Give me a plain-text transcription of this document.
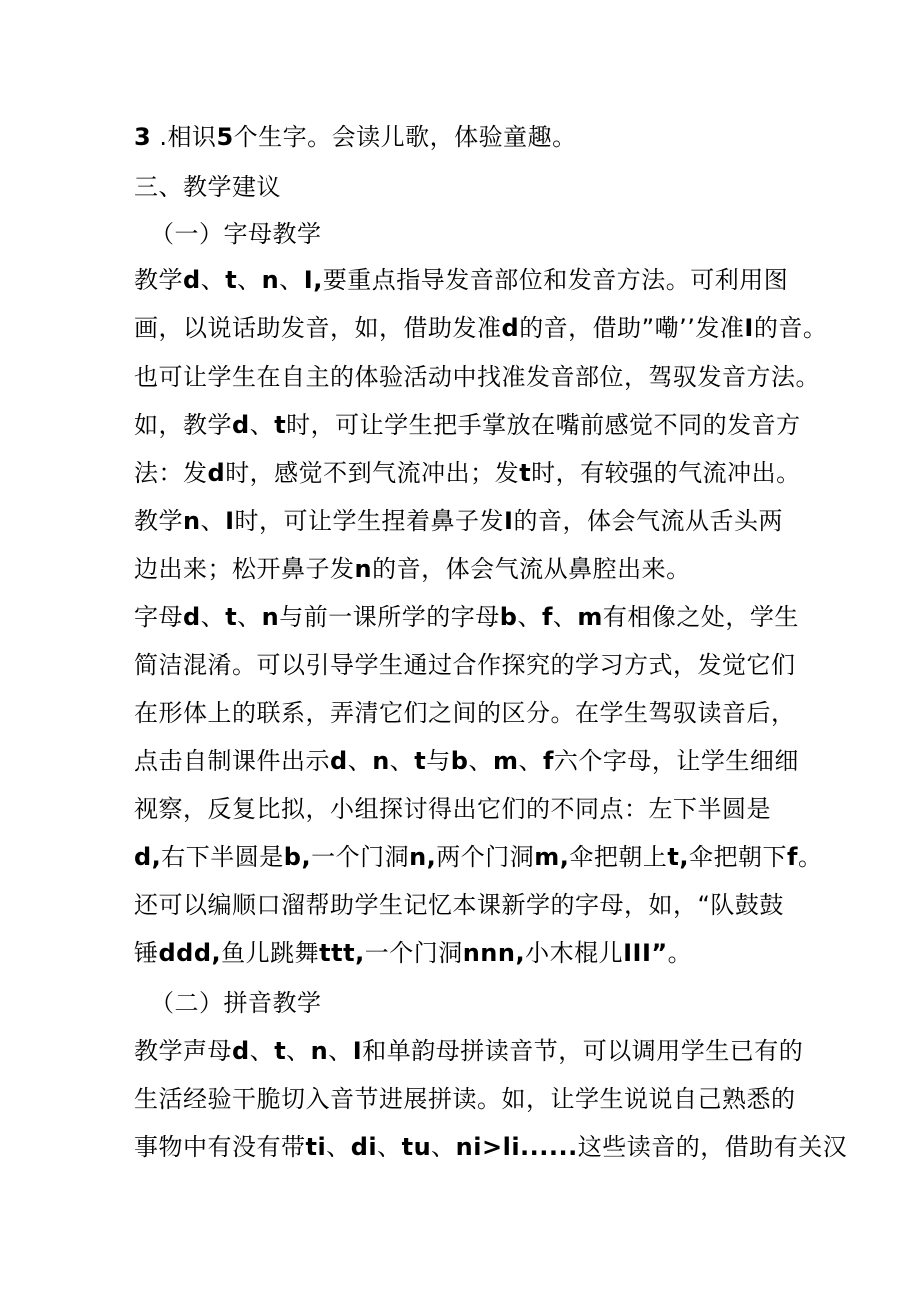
3 .相识5个生字。会读儿歌，体验童趣。
三、教学建议
（一）字母教学
教学d、t、n、I,要重点指导发音部位和发音方法。可利用图
画，以说话助发音，如，借助发准d的音，借助”嘞’’发准I的音。
也可让学生在自主的体验活动中找准发音部位，驾驭发音方法。
如，教学d、t时，可让学生把手掌放在嘴前感觉不同的发音方
法：发d时，感觉不到气流冲出；发t时，有较强的气流冲出。
教学n、I时，可让学生捏着鼻子发I的音，体会气流从舌头两
边出来；松开鼻子发n的音，体会气流从鼻腔出来。
字母d、t、n与前一课所学的字母b、f、m有相像之处，学生
简洁混淆。可以引导学生通过合作探究的学习方式，发觉它们
在形体上的联系，弄清它们之间的区分。在学生驾驭读音后，
点击自制课件出示d、n、t与b、m、f六个字母，让学生细细
视察，反复比拟，小组探讨得出它们的不同点：左下半圆是
d,右下半圆是b,一个门洞n,两个门洞m,伞把朝上t,伞把朝下f。
还可以编顺口溜帮助学生记忆本课新学的字母，如，“队鼓鼓
锤ddd,鱼儿跳舞ttt,一个门洞nnn,小木棍儿III”。
（二）拼音教学
教学声母d、t、n、I和单韵母拼读音节，可以调用学生已有的
生活经验干脆切入音节进展拼读。如，让学生说说自己熟悉的
事物中有没有带ti、di、tu、ni>li......这些读音的，借助有关汉
